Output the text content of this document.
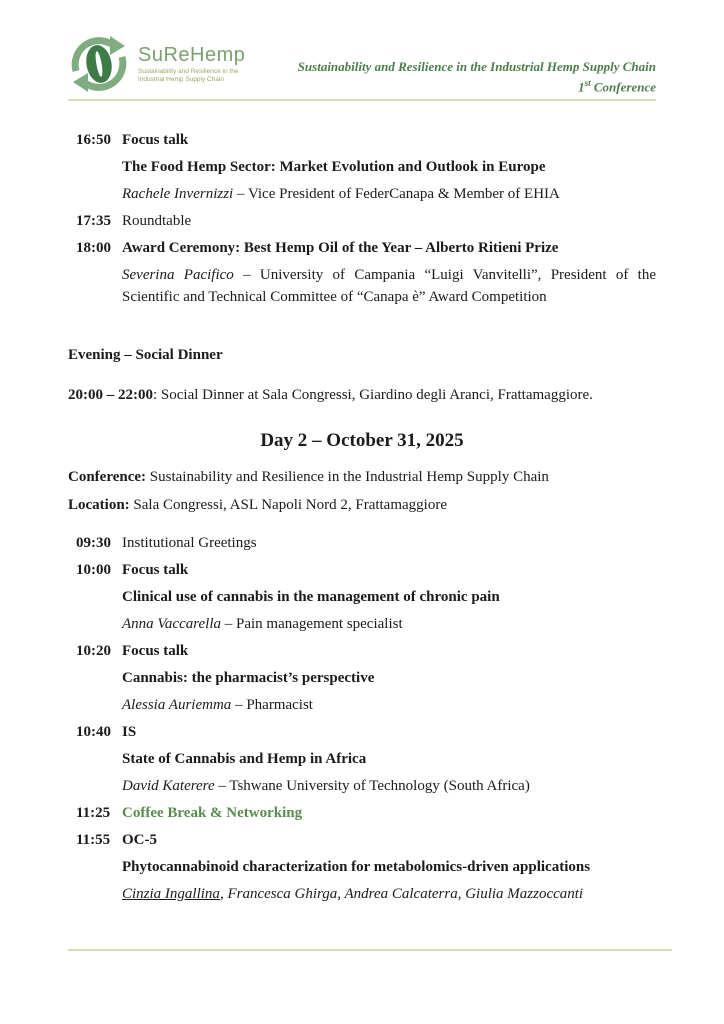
SuReHemp
Sustainability and Resilience in the
Industrial Hemp Supply Chain
Sustainability and Resilience in the Industrial Hemp Supply Chain
1st Conference
16:50 Focus talk
The Food Hemp Sector: Market Evolution and Outlook in Europe
Rachele Invernizzi – Vice President of FederCanapa & Member of EHIA
17:35 Roundtable
18:00 Award Ceremony: Best Hemp Oil of the Year – Alberto Ritieni Prize
Severina Pacifico – University of Campania “Luigi Vanvitelli”, President of the Scientific and Technical Committee of “Canapa è” Award Competition
Evening – Social Dinner
20:00 – 22:00: Social Dinner at Sala Congressi, Giardino degli Aranci, Frattamaggiore.
Day 2 – October 31, 2025
Conference: Sustainability and Resilience in the Industrial Hemp Supply Chain
Location: Sala Congressi, ASL Napoli Nord 2, Frattamaggiore
09:30 Institutional Greetings
10:00 Focus talk
Clinical use of cannabis in the management of chronic pain
Anna Vaccarella – Pain management specialist
10:20 Focus talk
Cannabis: the pharmacist’s perspective
Alessia Auriemma – Pharmacist
10:40 IS
State of Cannabis and Hemp in Africa
David Katerere – Tshwane University of Technology (South Africa)
11:25 Coffee Break & Networking
11:55 OC-5
Phytocannabinoid characterization for metabolomics-driven applications
Cinzia Ingallina, Francesca Ghirga, Andrea Calcaterra, Giulia Mazzoccanti
